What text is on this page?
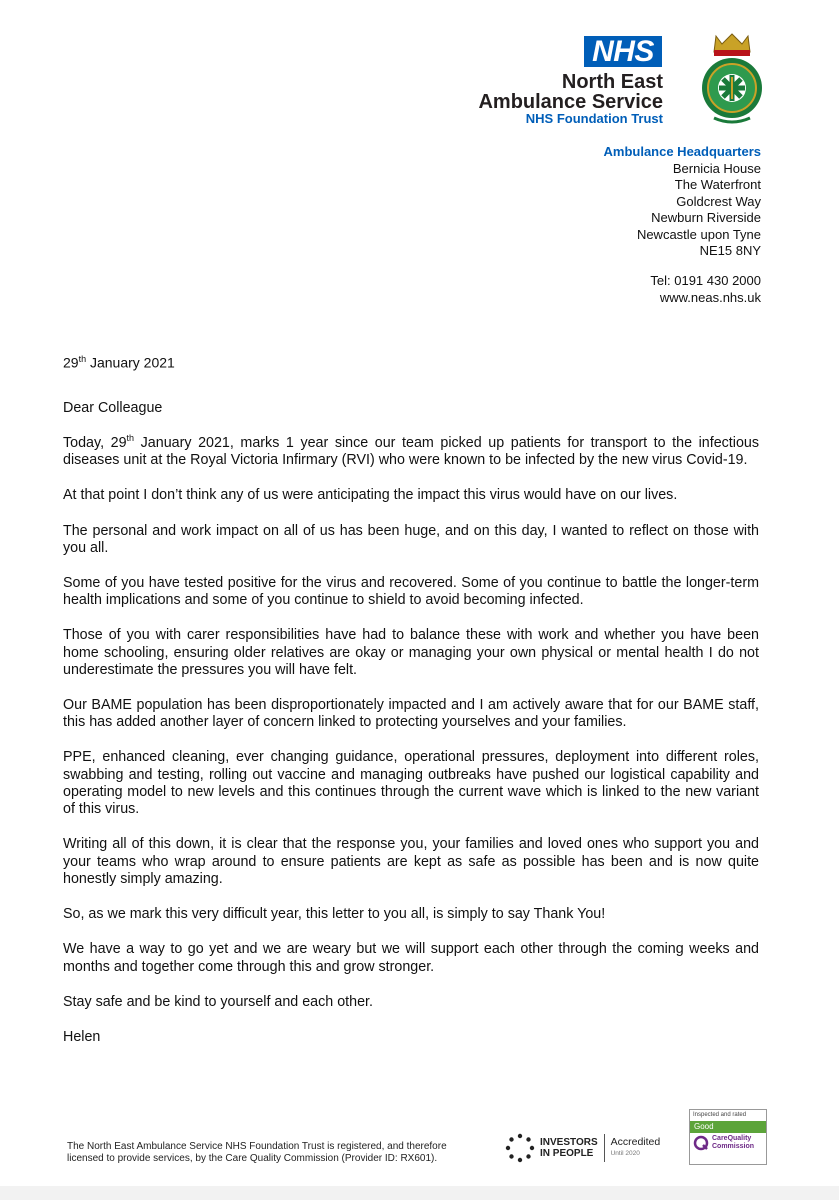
NHS
North East
Ambulance Service
NHS Foundation Trust
Ambulance Headquarters
Bernicia House
The Waterfront
Goldcrest Way
Newburn Riverside
Newcastle upon Tyne
NE15 8NY
Tel: 0191 430 2000
www.neas.nhs.uk
29th January 2021

Dear Colleague

Today, 29th January 2021, marks 1 year since our team picked up patients for transport to the infectious diseases unit at the Royal Victoria Infirmary (RVI) who were known to be infected by the new virus Covid-19.

At that point I don’t think any of us were anticipating the impact this virus would have on our lives.

The personal and work impact on all of us has been huge, and on this day, I wanted to reflect on those with you all.

Some of you have tested positive for the virus and recovered. Some of you continue to battle the longer-term health implications and some of you continue to shield to avoid becoming infected.

Those of you with carer responsibilities have had to balance these with work and whether you have been home schooling, ensuring older relatives are okay or managing your own physical or mental health I do not underestimate the pressures you will have felt.

Our BAME population has been disproportionately impacted and I am actively aware that for our BAME staff, this has added another layer of concern linked to protecting yourselves and your families.

PPE, enhanced cleaning, ever changing guidance, operational pressures, deployment into different roles, swabbing and testing, rolling out vaccine and managing outbreaks have pushed our logistical capability and operating model to new levels and this continues through the current wave which is linked to the new variant of this virus.

Writing all of this down, it is clear that the response you, your families and loved ones who support you and your teams who wrap around to ensure patients are kept as safe as possible has been and is now quite honestly simply amazing.

So, as we mark this very difficult year, this letter to you all, is simply to say Thank You!

We have a way to go yet and we are weary but we will support each other through the coming weeks and months and together come through this and grow stronger.

Stay safe and be kind to yourself and each other.

Helen

The North East Ambulance Service NHS Foundation Trust is registered, and therefore licensed to provide services, by the Care Quality Commission (Provider ID: RX601).
INVESTORS
IN PEOPLE
Accredited
Until 2020
Inspected and rated
Good
CareQuality
Commission
